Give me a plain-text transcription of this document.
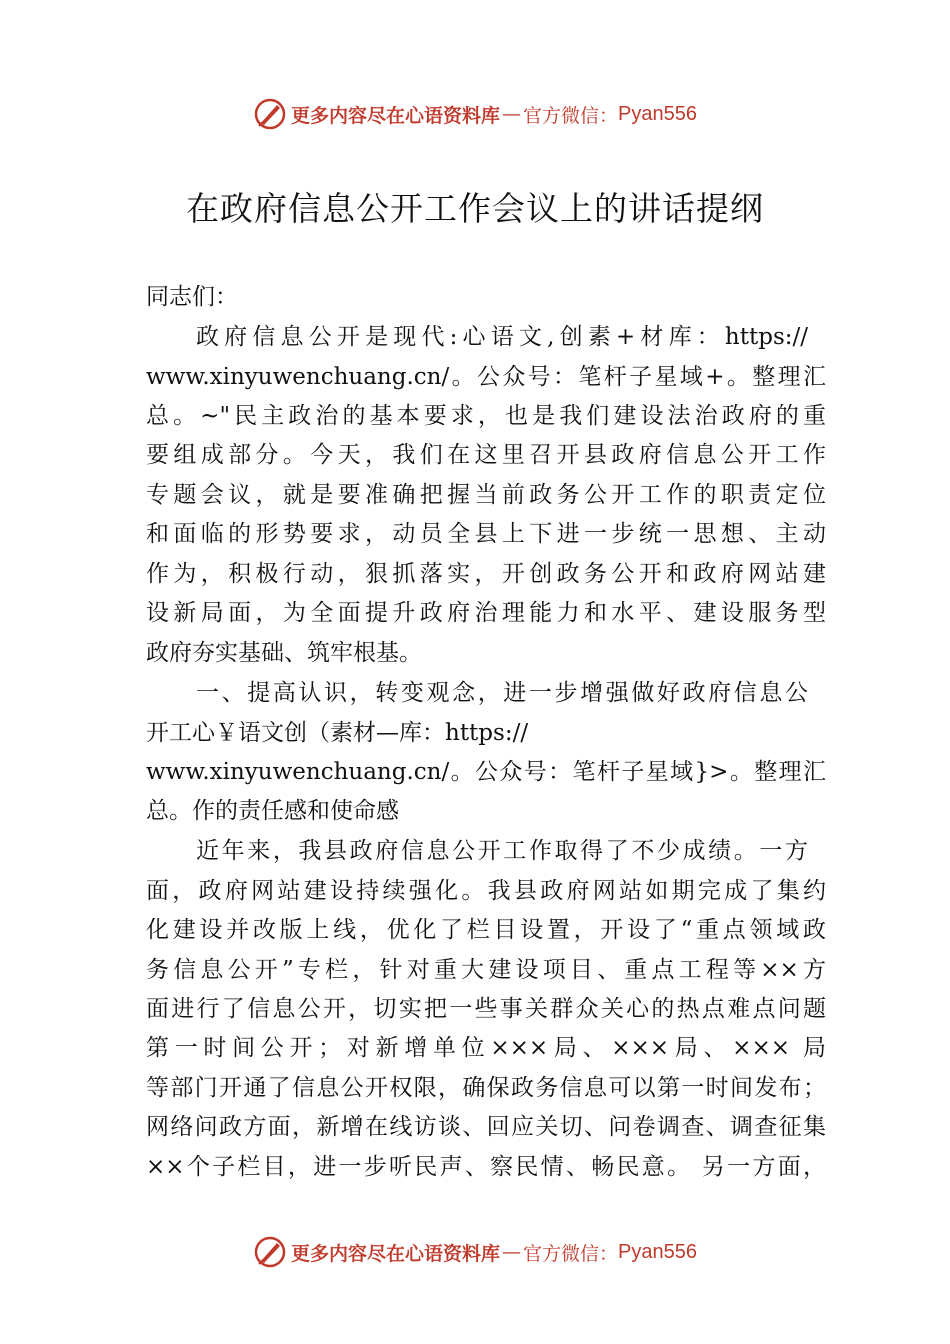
更多内容尽在心语资料库 — 官方微信： Pyan556
在政府信息公开工作会议上的讲话提纲
同志们：
政府信息公开是现代:心语文,创素+材库：https://
www.xinyuwenchuang.cn/。公众号：笔杆子星域+。整理汇
总。~"民主政治的基本要求，也是我们建设法治政府的重
要组成部分。今天，我们在这里召开县政府信息公开工作
专题会议，就是要准确把握当前政务公开工作的职责定位
和面临的形势要求，动员全县上下进一步统一思想、主动
作为，积极行动，狠抓落实，开创政务公开和政府网站建
设新局面，为全面提升政府治理能力和水平、建设服务型
政府夯实基础、筑牢根基。
一、提高认识，转变观念，进一步增强做好政府信息公
开工心￥语文创（素材—库：https://
www.xinyuwenchuang.cn/。公众号：笔杆子星域}>。整理汇
总。作的责任感和使命感
近年来，我县政府信息公开工作取得了不少成绩。一方
面，政府网站建设持续强化。我县政府网站如期完成了集约
化建设并改版上线，优化了栏目设置，开设了“重点领域政
务信息公开”专栏，针对重大建设项目、重点工程等××方
面进行了信息公开，切实把一些事关群众关心的热点难点问题
第一时间公开；对新增单位×××局、×××局、××× 局
等部门开通了信息公开权限，确保政务信息可以第一时间发布；
网络问政方面，新增在线访谈、回应关切、问卷调查、调查征集
××个子栏目，进一步听民声、察民情、畅民意。 另一方面，
更多内容尽在心语资料库 — 官方微信： Pyan556
